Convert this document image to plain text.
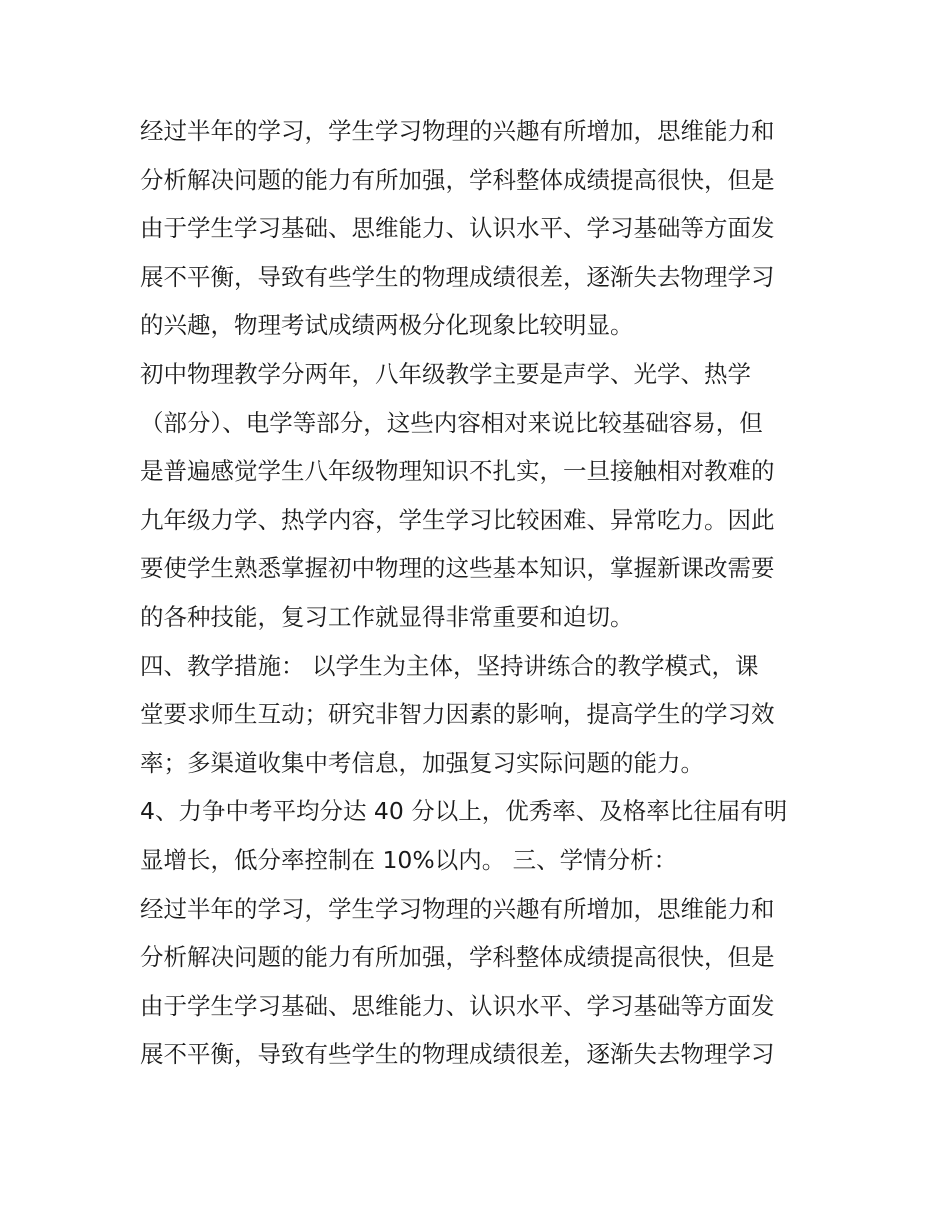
经过半年的学习，学生学习物理的兴趣有所增加，思维能力和
分析解决问题的能力有所加强，学科整体成绩提高很快，但是
由于学生学习基础、思维能力、认识水平、学习基础等方面发
展不平衡，导致有些学生的物理成绩很差，逐渐失去物理学习
的兴趣，物理考试成绩两极分化现象比较明显。
初中物理教学分两年，八年级教学主要是声学、光学、热学
（部分）、电学等部分，这些内容相对来说比较基础容易，但
是普遍感觉学生八年级物理知识不扎实，一旦接触相对教难的
九年级力学、热学内容，学生学习比较困难、异常吃力。因此
要使学生熟悉掌握初中物理的这些基本知识，掌握新课改需要
的各种技能，复习工作就显得非常重要和迫切。
四、教学措施： 以学生为主体，坚持讲练合的教学模式，课
堂要求师生互动；研究非智力因素的影响，提高学生的学习效
率；多渠道收集中考信息，加强复习实际问题的能力。
4、力争中考平均分达 40 分以上，优秀率、及格率比往届有明
显增长，低分率控制在 10%以内。 三、学情分析：
经过半年的学习，学生学习物理的兴趣有所增加，思维能力和
分析解决问题的能力有所加强，学科整体成绩提高很快，但是
由于学生学习基础、思维能力、认识水平、学习基础等方面发
展不平衡，导致有些学生的物理成绩很差，逐渐失去物理学习
